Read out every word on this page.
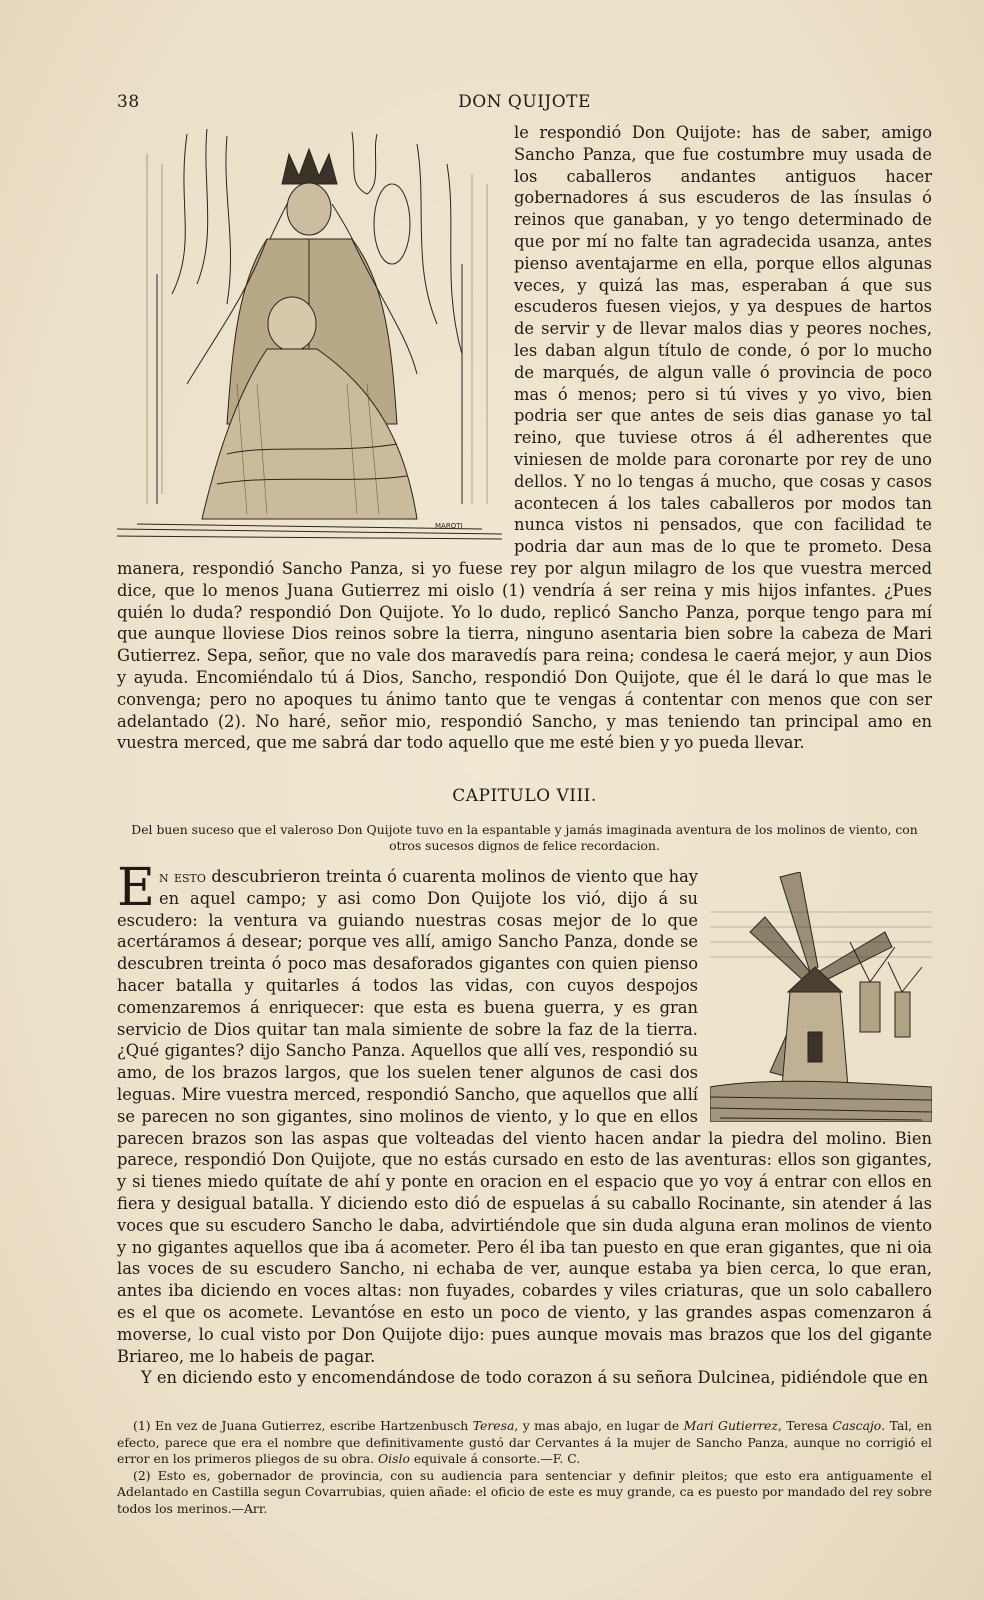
38	DON QUIJOTE
MAROTI

le respondió Don Quijote: has de saber, amigo Sancho Panza, que fue costumbre muy usada de los caballeros andantes antiguos hacer gobernadores á sus escuderos de las ínsulas ó reinos que ganaban, y yo tengo determinado de que por mí no falte tan agradecida usanza, antes pienso aventajarme en ella, porque ellos algunas veces, y quizá las mas, esperaban á que sus escuderos fuesen viejos, y ya despues de hartos de servir y de llevar malos dias y peores noches, les daban algun título de conde, ó por lo mucho de marqués, de algun valle ó provincia de poco mas ó menos; pero si tú vives y yo vivo, bien podria ser que antes de seis dias ganase yo tal reino, que tuviese otros á él adherentes que viniesen de molde para coronarte por rey de uno dellos. Y no lo tengas á mucho, que cosas y casos acontecen á los tales caballeros por modos tan nunca vistos ni pensados, que con facilidad te podria dar aun mas de lo que te prometo. Desa manera, respondió Sancho Panza, si yo fuese rey por algun milagro de los que vuestra merced dice, que lo menos Juana Gutierrez mi oislo (1) vendría á ser reina y mis hijos infantes. ¿Pues quién lo duda? respondió Don Quijote. Yo lo dudo, replicó Sancho Panza, porque tengo para mí que aunque lloviese Dios reinos sobre la tierra, ninguno asentaria bien sobre la cabeza de Mari Gutierrez. Sepa, señor, que no vale dos maravedís para reina; condesa le caerá mejor, y aun Dios y ayuda. Encomiéndalo tú á Dios, Sancho, respondió Don Quijote, que él le dará lo que mas le convenga; pero no apoques tu ánimo tanto que te vengas á contentar con menos que con ser adelantado (2). No haré, señor mio, respondió Sancho, y mas teniendo tan principal amo en vuestra merced, que me sabrá dar todo aquello que me esté bien y yo pueda llevar.

CAPITULO VIII.
Del buen suceso que el valeroso Don Quijote tuvo en la espantable y jamás imaginada aventura de los molinos de viento, con otros sucesos dignos de felice recordacion.

En esto descubrieron treinta ó cuarenta molinos de viento que hay en aquel campo; y asi como Don Quijote los vió, dijo á su escudero: la ventura va guiando nuestras cosas mejor de lo que acertáramos á desear; porque ves allí, amigo Sancho Panza, donde se descubren treinta ó poco mas desaforados gigantes con quien pienso hacer batalla y quitarles á todos las vidas, con cuyos despojos comenzaremos á enriquecer: que esta es buena guerra, y es gran servicio de Dios quitar tan mala simiente de sobre la faz de la tierra. ¿Qué gigantes? dijo Sancho Panza. Aquellos que allí ves, respondió su amo, de los brazos largos, que los suelen tener algunos de casi dos leguas. Mire vuestra merced, respondió Sancho, que aquellos que allí se parecen no son gigantes, sino molinos de viento, y lo que en ellos parecen brazos son las aspas que volteadas del viento hacen andar la piedra del molino. Bien parece, respondió Don Quijote, que no estás cursado en esto de las aventuras: ellos son gigantes, y si tienes miedo quítate de ahí y ponte en oracion en el espacio que yo voy á entrar con ellos en fiera y desigual batalla. Y diciendo esto dió de espuelas á su caballo Rocinante, sin atender á las voces que su escudero Sancho le daba, advirtiéndole que sin duda alguna eran molinos de viento y no gigantes aquellos que iba á acometer. Pero él iba tan puesto en que eran gigantes, que ni oia las voces de su escudero Sancho, ni echaba de ver, aunque estaba ya bien cerca, lo que eran, antes iba diciendo en voces altas: non fuyades, cobardes y viles criaturas, que un solo caballero es el que os acomete. Levantóse en esto un poco de viento, y las grandes aspas comenzaron á moverse, lo cual visto por Don Quijote dijo: pues aunque movais mas brazos que los del gigante Briareo, me lo habeis de pagar.

Y en diciendo esto y encomendándose de todo corazon á su señora Dulcinea, pidiéndole que en

(1) En vez de Juana Gutierrez, escribe Hartzenbusch Teresa, y mas abajo, en lugar de Mari Gutierrez, Teresa Cascajo. Tal, en efecto, parece que era el nombre que definitivamente gustó dar Cervantes á la mujer de Sancho Panza, aunque no corrigió el error en los primeros pliegos de su obra. Oislo equivale á consorte.—F. C.

(2) Esto es, gobernador de provincia, con su audiencia para sentenciar y definir pleitos; que esto era antiguamente el Adelantado en Castilla segun Covarrubias, quien añade: el oficio de este es muy grande, ca es puesto por mandado del rey sobre todos los merinos.—Arr.
